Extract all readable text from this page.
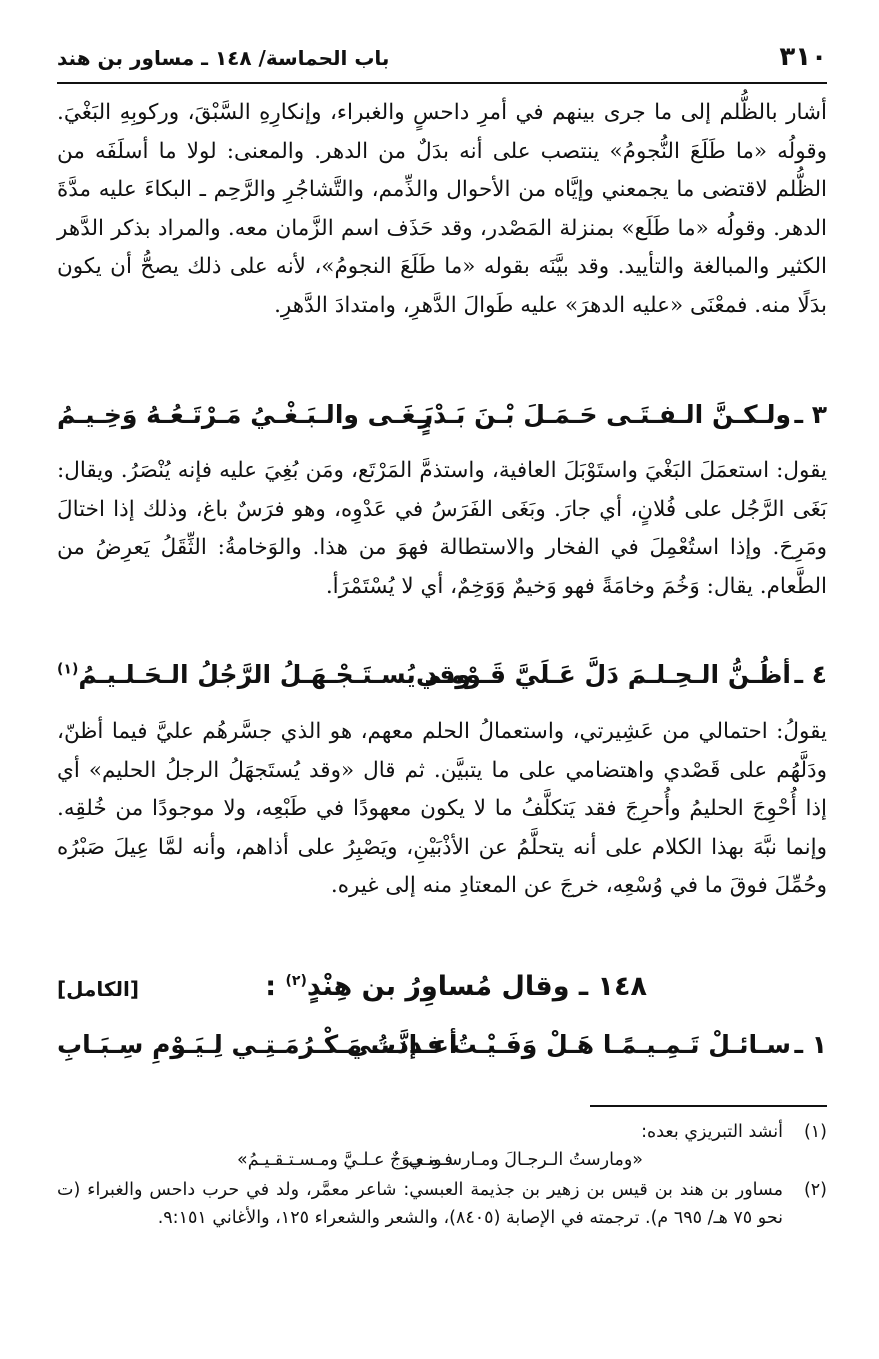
٣١٠
باب الحماسة/ ١٤٨ ـ مساور بن هند

أشار بالظُّلم إلى ما جرى بينهم في أمرِ داحسٍ والغبراء، وإنكارِهِ السَّبْقَ، وركوبِهِ البَغْيَ. وقولُه «ما طَلَعَ النُّجومُ» ينتصب على أنه بدَلٌ من الدهر. والمعنى: لولا ما أسلَفَه من الظُّلم لاقتضى ما يجمعني وإيَّاه من الأحوال والذِّمم، والتَّشاجُرِ والرَّحِم ـ البكاءَ عليه مدَّةَ الدهر. وقولُه «ما طَلَع» بمنزلة المَصْدر، وقد حَذَف اسم الزَّمان معه. والمراد بذكر الدَّهر الكثير والمبالغة والتأييد. وقد بيَّنَه بقوله «ما طَلَعَ النجومُ»، لأنه على ذلك يصحُّ أن يكون بدَلًا منه. فمعْنَى «عليه الدهرَ» عليه طَوالَ الدَّهرِ، وامتدادَ الدَّهرِ.

٣ ـ
ولـكـنَّ الـفـتَـى حَـمَـلَ بْـنَ بَـدْرٍ
بَـغَـى والـبَـغْـيُ مَـرْتَـعُـهُ وَخِـيـمُ

يقول: استعمَلَ البَغْيَ واستَوْبَلَ العافية، واستذمَّ المَرْتَع، ومَن بُغِيَ عليه فإنه يُنْصَرُ. ويقال: بَغَى الرَّجُل على فُلانٍ، أي جارَ. وبَغَى الفَرَسُ في عَدْوِه، وهو فرَسٌ باغ، وذلك إذا اختالَ ومَرِحَ. وإذا استُعْمِلَ في الفخار والاستطالة فهوَ من هذا. والوَخامةُ: الثِّقَلُ يَعرِضُ من الطَّعام. يقال: وَخُمَ وخامَةً فهو وَخيمٌ وَوَخِمٌ، أي لا يُسْتَمْرَأ.

٤ ـ
أظُـنُّ الـحِـلـمَ دَلَّ عَـلَيَّ قَـوْمِـي
وقد يُسـتَـجْـهَـلُ الرَّجُلُ الـحَـلـيـمُ$^{(١)}$

يقولُ: احتمالي من عَشِيرتي، واستعمالُ الحلم معهم، هو الذي جسَّرهُم عليَّ فيما أظنّ، ودَلَّهُم على قَصْدي واهتضامي على ما يتبيَّن. ثم قال «وقد يُستَجهَلُ الرجلُ الحليم» أي إذا أُحْوِجَ الحليمُ وأُحرِجَ فقد يَتكلَّفُ ما لا يكون معهودًا في طَبْعِه، ولا موجودًا من خُلقِه. وإنما نبَّهَ بهذا الكلام على أنه يتحلَّمُ عن الأذْبَيْنِ، ويَصْبِرُ على أذاهم، وأنه لمَّا عِيلَ صَبْرُه وحُمِّلَ فوقَ ما في وُسْعِه، خرجَ عن المعتادِ منه إلى غيره.

١٤٨ ـ وقال مُساوِرُ بن هِنْدٍ$^{(٢)}$ :
[الكامل]
١ ـ
سـائـلْ تَـمِـيـمًـا هَـلْ وَفَـيْـتُ فـإنَّـنـي
أعـددتُ مَـكْـرُمَـتِـي لِـيَـوْمِ سِـبَـابِ
(١)
أنشد التبريزي بعده:
«ومارستُ الـرجـالَ ومـارسـونـي
فـمـعـوَجٌ عـلـيَّ ومـسـتـقـيـمُ»

(٢)
مساور بن هند بن قيس بن زهير بن جذيمة العبسي: شاعر معمَّر، ولد في حرب داحس والغبراء (ت نحو ٧٥ هـ/ ٦٩٥ م). ترجمته في الإصابة (٨٤٠٥)، والشعر والشعراء ١٢٥، والأغاني ٩:١٥١.
